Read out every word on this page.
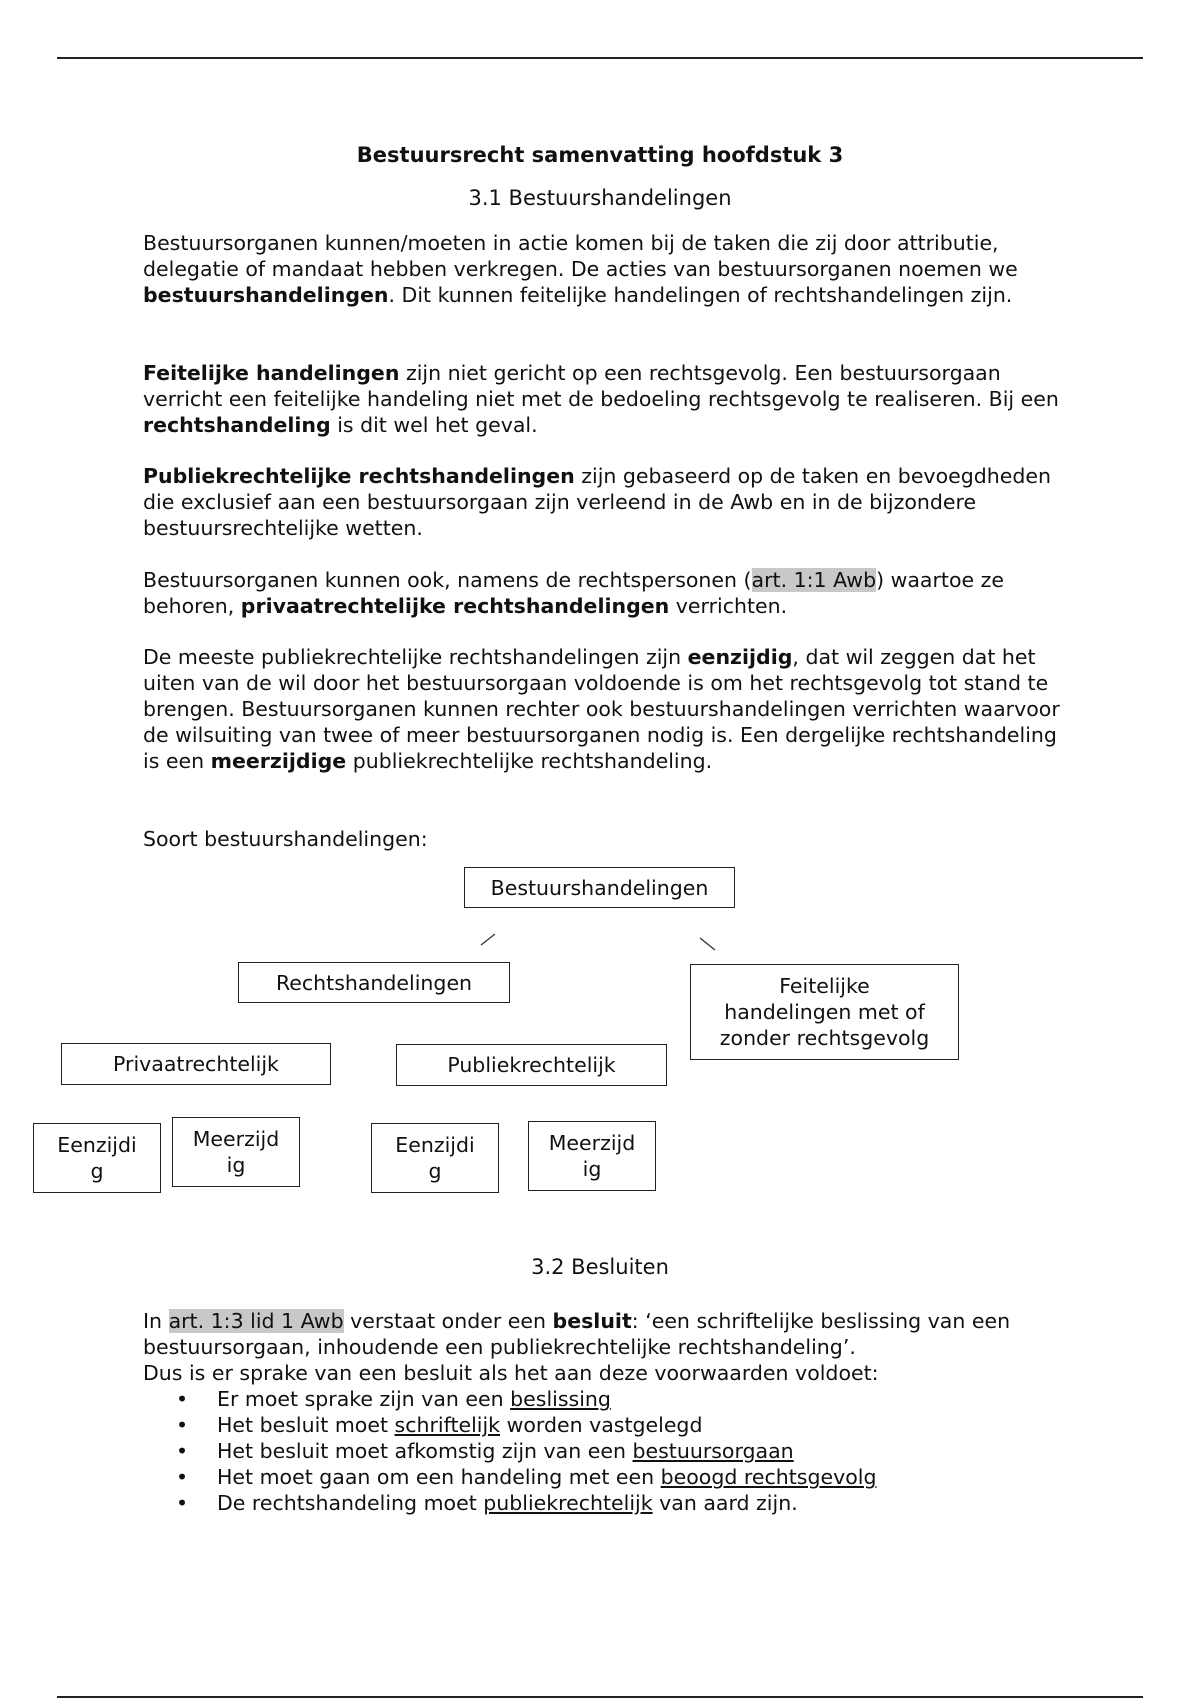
Bestuursrecht samenvatting hoofdstuk 3
3.1 Bestuurshandelingen

Bestuursorganen kunnen/moeten in actie komen bij de taken die zij door attributie, delegatie of mandaat hebben verkregen. De acties van bestuursorganen noemen we bestuurshandelingen. Dit kunnen feitelijke handelingen of rechtshandelingen zijn.

Feitelijke handelingen zijn niet gericht op een rechtsgevolg. Een bestuursorgaan verricht een feitelijke handeling niet met de bedoeling rechtsgevolg te realiseren. Bij een rechtshandeling is dit wel het geval.

Publiekrechtelijke rechtshandelingen zijn gebaseerd op de taken en bevoegdheden die exclusief aan een bestuursorgaan zijn verleend in de Awb en in de bijzondere bestuursrechtelijke wetten.

Bestuursorganen kunnen ook, namens de rechtspersonen (art. 1:1 Awb) waartoe ze behoren, privaatrechtelijke rechtshandelingen verrichten.

De meeste publiekrechtelijke rechtshandelingen zijn eenzijdig, dat wil zeggen dat het uiten van de wil door het bestuursorgaan voldoende is om het rechtsgevolg tot stand te brengen. Bestuursorganen kunnen rechter ook bestuurshandelingen verrichten waarvoor de wilsuiting van twee of meer bestuursorganen nodig is. Een dergelijke rechtshandeling is een meerzijdige publiekrechtelijke rechtshandeling.

Soort bestuurshandelingen:

Bestuurshandelingen
Rechtshandelingen	Feitelijke
handelingen met of
zonder rechtsgevolg
Privaatrechtelijk	Publiekrechtelijk
Eenzijdi
g
Meerzijd
ig
Eenzijdi
g
Meerzijd
ig
3.2 Besluiten

In art. 1:3 lid 1 Awb verstaat onder een besluit: ‘een schriftelijke beslissing van een bestuursorgaan, inhoudende een publiekrechtelijke rechtshandeling’.
Dus is er sprake van een besluit als het aan deze voorwaarden voldoet:

• Er moet sprake zijn van een beslissing
• Het besluit moet schriftelijk worden vastgelegd
• Het besluit moet afkomstig zijn van een bestuursorgaan
• Het moet gaan om een handeling met een beoogd rechtsgevolg
• De rechtshandeling moet publiekrechtelijk van aard zijn.
